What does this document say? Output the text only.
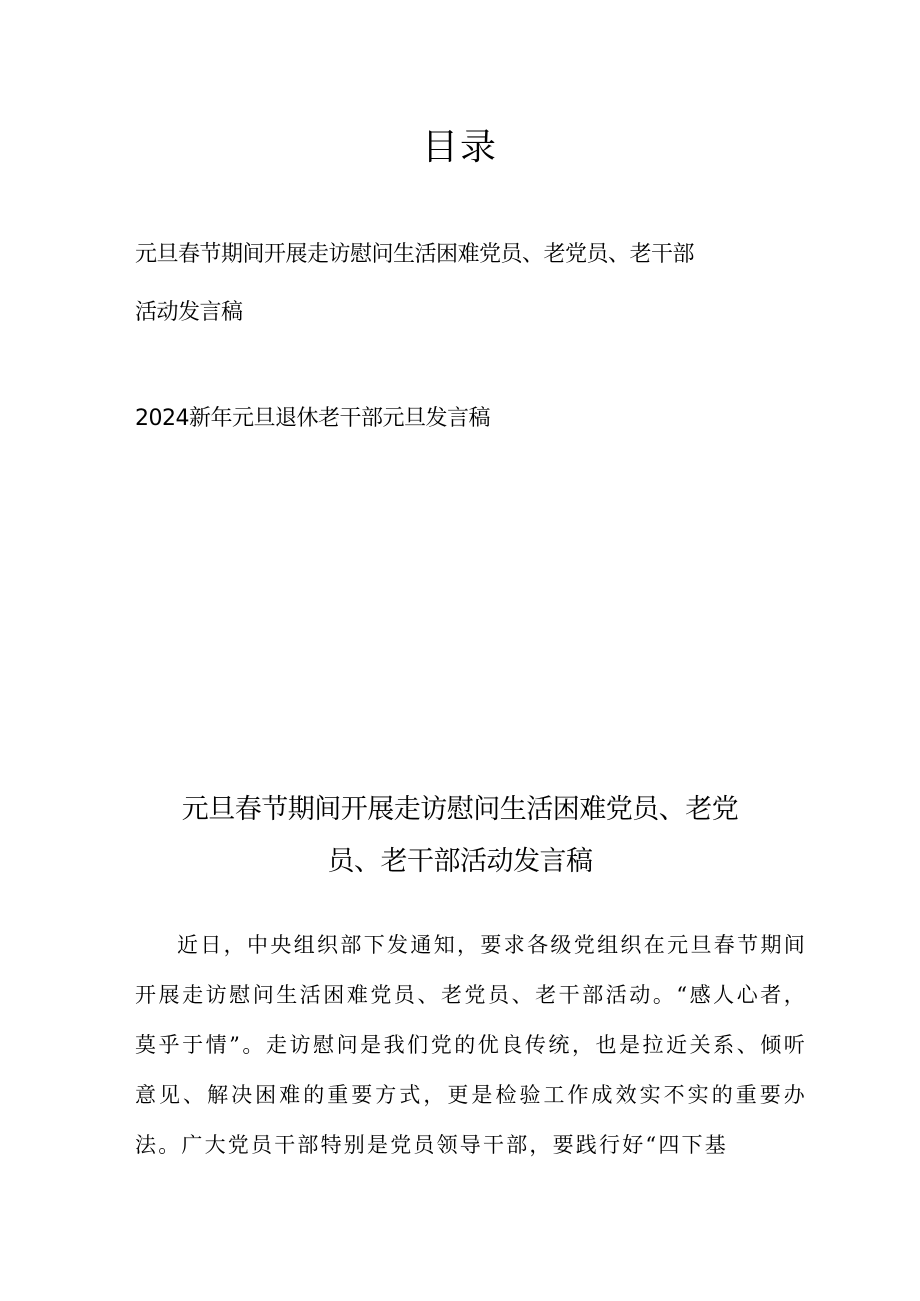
目录
元旦春节期间开展走访慰问生活困难党员、老党员、老干部
活动发言稿
2024新年元旦退休老干部元旦发言稿
元旦春节期间开展走访慰问生活困难党员、老党
员、老干部活动发言稿

近日，中央组织部下发通知，要求各级党组织在元旦春节期间开展走访慰问生活困难党员、老党员、老干部活动。“感人心者，莫乎于情”。走访慰问是我们党的优良传统，也是拉近关系、倾听意见、解决困难的重要方式，更是检验工作成效实不实的重要办法。广大党员干部特别是党员领导干部，要践行好“四下基
